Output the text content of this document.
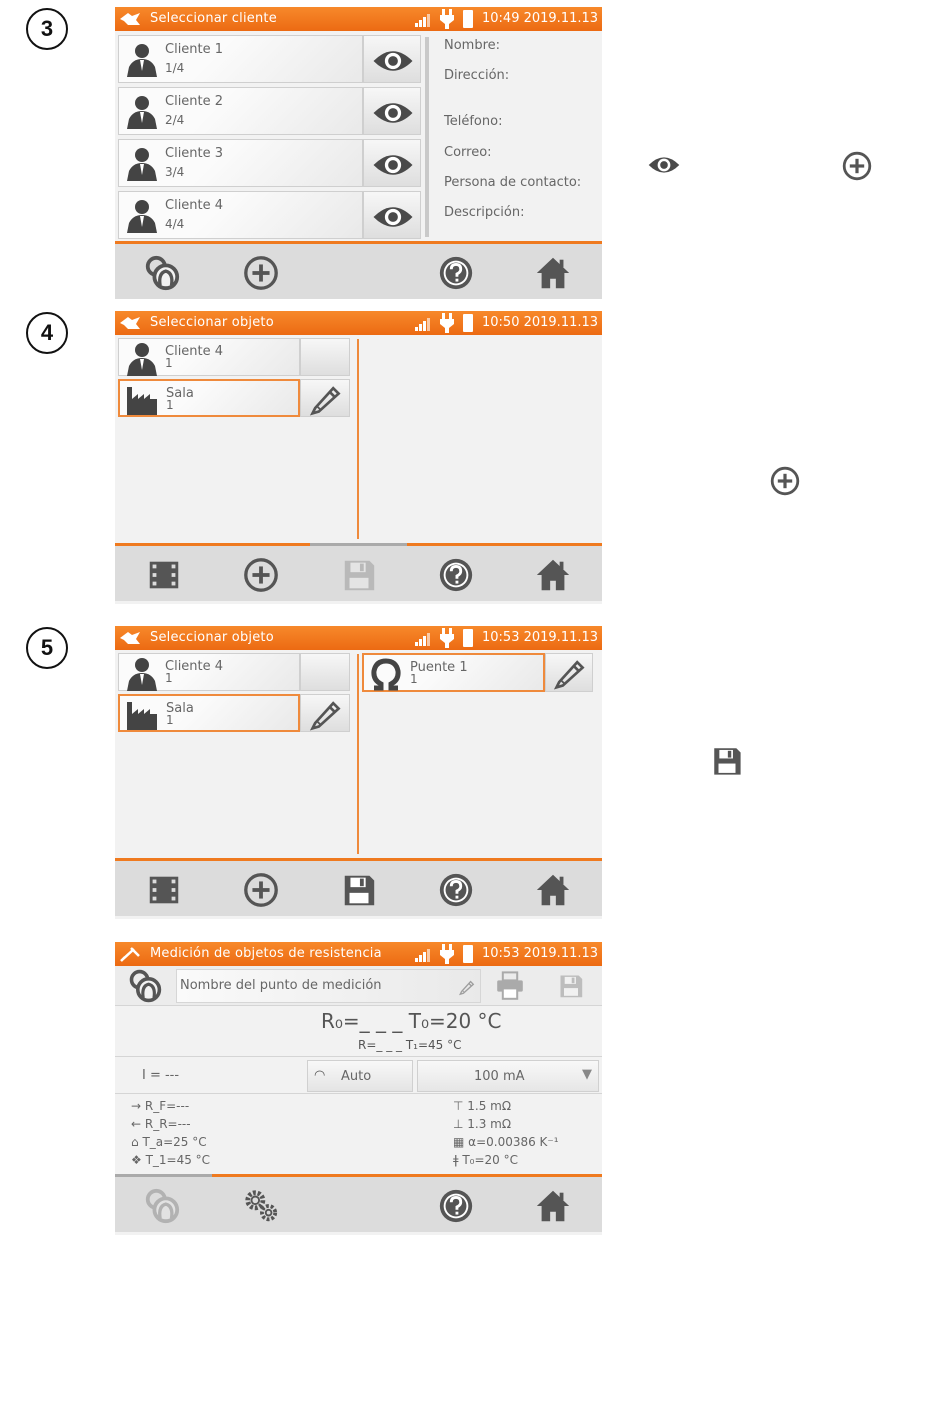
3
4
5
Seleccionar cliente	10:49 2019.11.13
Cliente 1
1/4
Cliente 2
2/4
Cliente 3
3/4
Cliente 4
4/4
Nombre:
Dirección:
Teléfono:
Correo:
Persona de contacto:
Descripción:
Seleccionar objeto	10:50 2019.11.13
Cliente 4
1
Sala
1
Seleccionar objeto	10:53 2019.11.13
Cliente 4
1
Sala
1
Puente 1
1
Medición de objetos de resistencia	10:53 2019.11.13
Nombre del punto de medición
R₀=_ _ _ T₀=20 °C
R=_ _ _ T₁=45 °C
I = ---	◠	Auto	100 mA	▼
→ R_F=---
← R_R=---
⌂ T_a=25 °C
❖ T_1=45 °C
⊤ 1.5 mΩ
⊥ 1.3 mΩ
▦ α=0.00386 K⁻¹
ǂ T₀=20 °C
